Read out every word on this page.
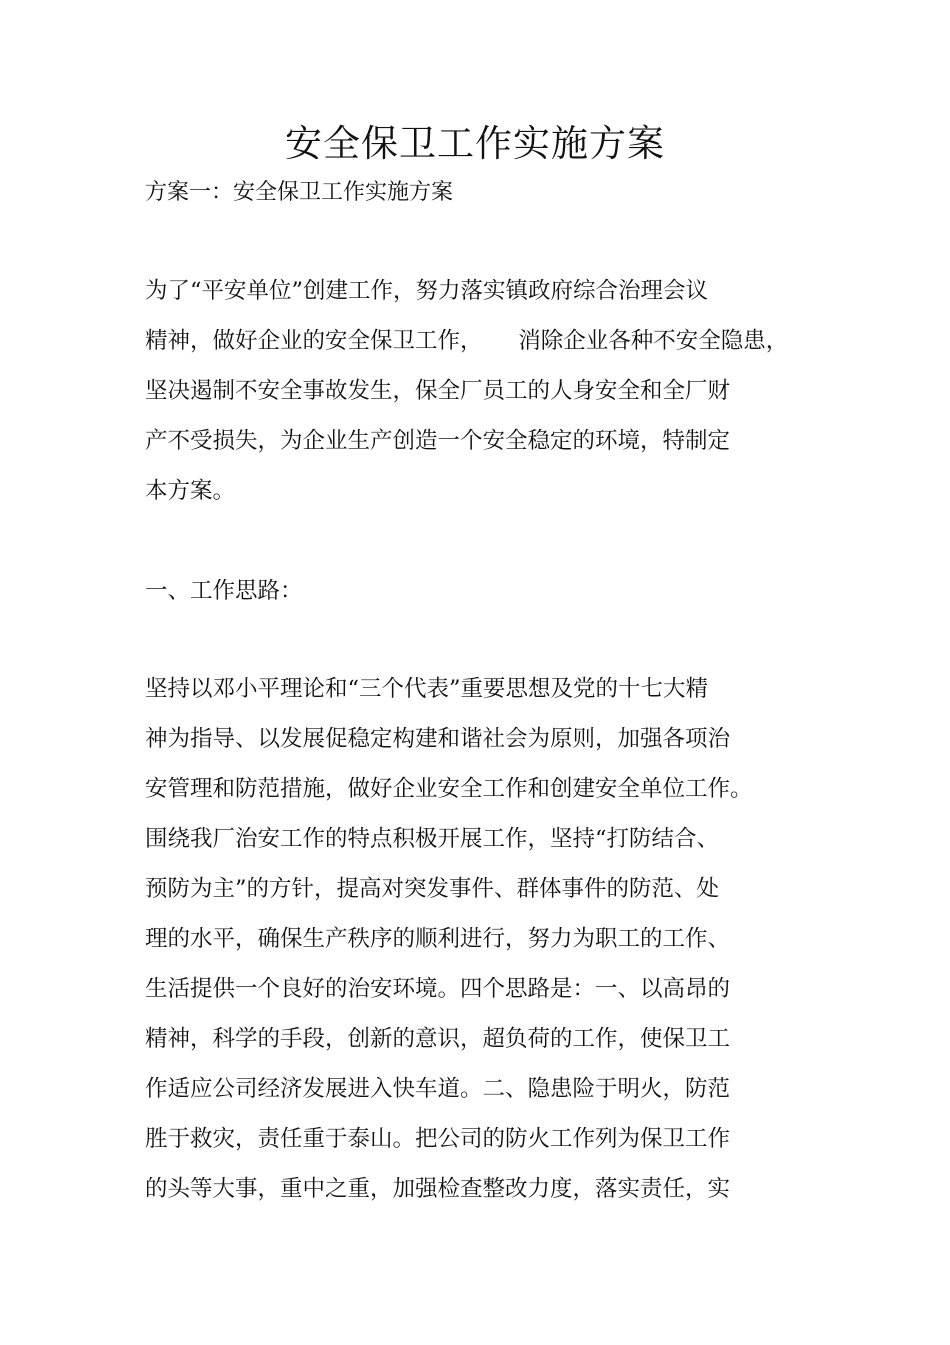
安全保卫工作实施方案

方案一：安全保卫工作实施方案

为了“平安单位”创建工作，努力落实镇政府综合治理会议

精神，做好企业的安全保卫工作，     消除企业各种不安全隐患，

坚决遏制不安全事故发生，保全厂员工的人身安全和全厂财

产不受损失，为企业生产创造一个安全稳定的环境，特制定

本方案。

一、工作思路：

坚持以邓小平理论和“三个代表”重要思想及党的十七大精

神为指导、以发展促稳定构建和谐社会为原则，加强各项治

安管理和防范措施，做好企业安全工作和创建安全单位工作。

围绕我厂治安工作的特点积极开展工作，坚持“打防结合、

预防为主”的方针，提高对突发事件、群体事件的防范、处

理的水平，确保生产秩序的顺利进行，努力为职工的工作、

生活提供一个良好的治安环境。四个思路是：一、以高昂的

精神，科学的手段，创新的意识，超负荷的工作，使保卫工

作适应公司经济发展进入快车道。二、隐患险于明火，防范

胜于救灾，责任重于泰山。把公司的防火工作列为保卫工作

的头等大事，重中之重，加强检查整改力度，落实责任，实
